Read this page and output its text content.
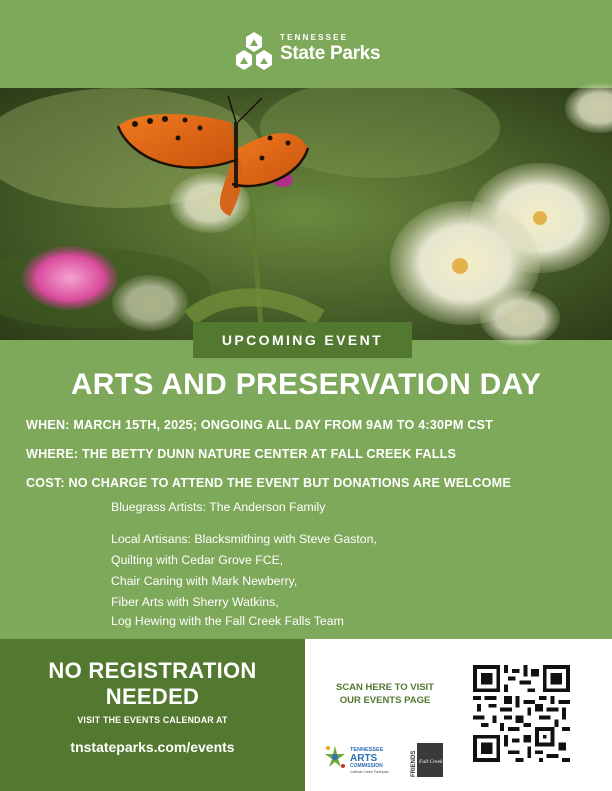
TENNESSEE
State Parks
UPCOMING EVENT
ARTS AND PRESERVATION DAY
WHEN: MARCH 15TH, 2025; ONGOING ALL DAY FROM 9AM TO 4:30PM CST
WHERE: THE BETTY DUNN NATURE CENTER AT FALL CREEK FALLS
COST: NO CHARGE TO ATTEND THE EVENT BUT DONATIONS ARE WELCOME
Bluegrass Artists: The Anderson Family
Local Artisans: Blacksmithing with Steve Gaston,
Quilting with Cedar Grove FCE,
Chair Caning with Mark Newberry,
Fiber Arts with Sherry Watkins,
Log Hewing with the Fall Creek Falls Team
NO REGISTRATION
NEEDED
VISIT THE EVENTS CALENDAR AT
tnstateparks.com/events
SCAN HERE TO VISIT
OUR EVENTS PAGE
TENNESSEE
ARTS
COMMISSION
Cultivate Create Participate	FRIENDS Fall Creek Falls
